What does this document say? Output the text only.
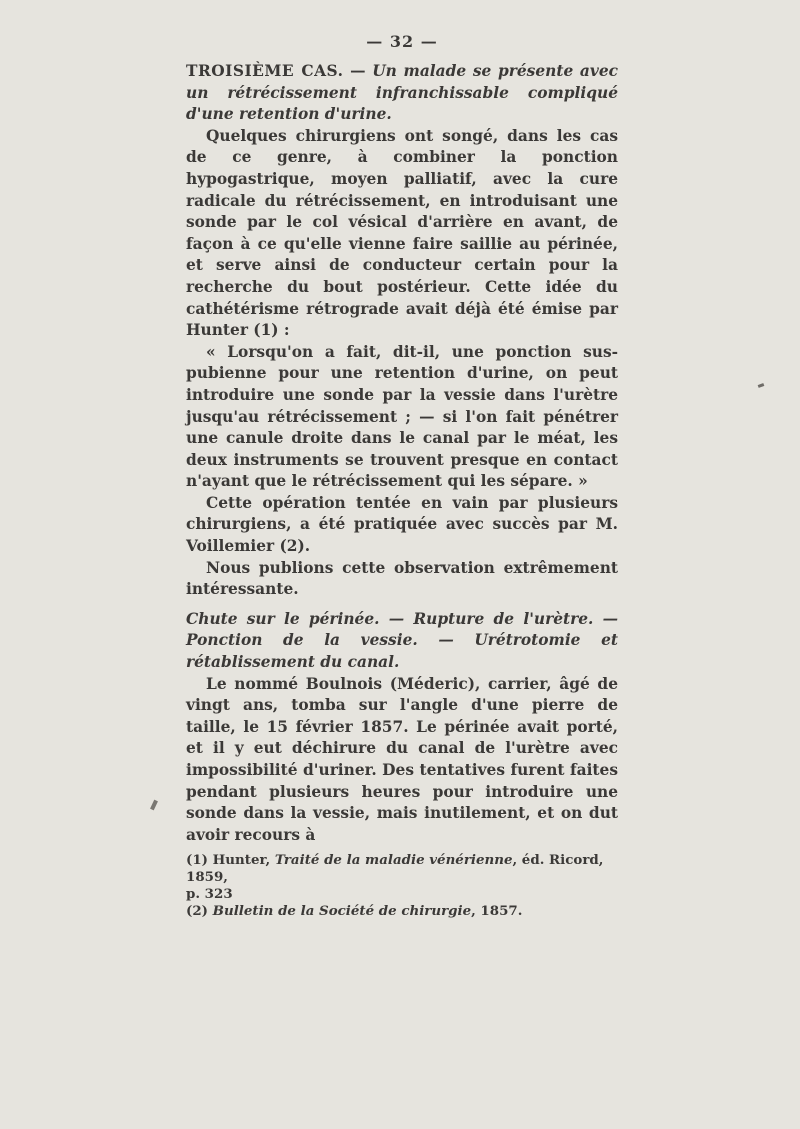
— 32 —

TROISIÈME CAS. — Un malade se présente avec un rétrécissement infranchissable compliqué d'une retention d'urine.

Quelques chirurgiens ont songé, dans les cas de ce genre, à combiner la ponction hypogastrique, moyen palliatif, avec la cure radicale du rétrécissement, en introduisant une sonde par le col vésical d'arrière en avant, de façon à ce qu'elle vienne faire saillie au périnée, et serve ainsi de conducteur certain pour la recherche du bout postérieur. Cette idée du cathétérisme rétrograde avait déjà été émise par Hunter (1) :

« Lorsqu'on a fait, dit-il, une ponction sus-pubienne pour une retention d'urine, on peut introduire une sonde par la vessie dans l'urètre jusqu'au rétrécissement ; — si l'on fait pénétrer une canule droite dans le canal par le méat, les deux instruments se trouvent presque en contact n'ayant que le rétrécissement qui les sépare. »

Cette opération tentée en vain par plusieurs chirurgiens, a été pratiquée avec succès par M. Voillemier (2).

Nous publions cette observation extrêmement intéressante.

Chute sur le périnée. — Rupture de l'urètre. — Ponction de la vessie. — Urétrotomie et rétablissement du canal.

Le nommé Boulnois (Méderic), carrier, âgé de vingt ans, tomba sur l'angle d'une pierre de taille, le 15 février 1857. Le périnée avait porté, et il y eut déchirure du canal de l'urètre avec impossibilité d'uriner. Des tentatives furent faites pendant plusieurs heures pour introduire une sonde dans la vessie, mais inutilement, et on dut avoir recours à

(1) Hunter, Traité de la maladie vénérienne, éd. Ricord, 1859,

p. 323

(2) Bulletin de la Société de chirurgie, 1857.
